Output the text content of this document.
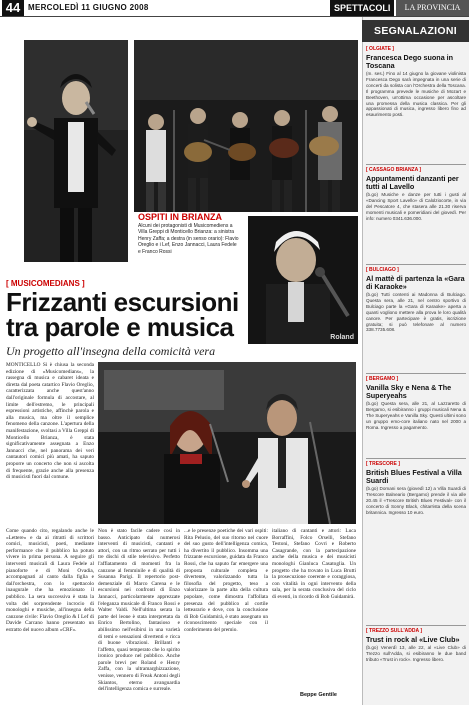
44 MERCOLEDÌ 11 GIUGNO 2008	SPETTACOLI	LA PROVINCIA
OSPITI IN BRIANZA
Alcuni dei protagonisti di Musicomediens a Villa Greppi di Monticello Brianza: a sinistra Henry Zaffa; a destra (in senso orario): Flavio Oreglio e i Lef, Enzo Jannacci, Laura Fedele e Franco Rossi
Roland
[ MUSICOMEDIANS ]
Frizzanti escursioni
tra parole e musica
Un progetto all'insegna della comicità vera
MONTICELLO Si è chiusa la seconda edizione di «Musicomedians», la rassegna di musica e cabaret ideata e diretta dal poeta catartico Flavio Oreglio, caratterizzata anche quest'anno dall'originale formula di accostare, al limite dell'estremo, le principali espressioni artistiche, affinchè parola e alla musica, ma oltre il semplice fenomeno della canzone. L'apertura della manifestazione, svoltasi a Villa Greppi di Monticello Brianza, è stata significativamente assegnata a Enzo Jannacci che, nel panorama dei veri cantautori comici più amati, ha saputo proporre un concerto che non si ascolta di frequente, grazie anche alla presenza di musicisti fuori dal comune.
Come quando cito, regalando anche le «Lettere» e da ai ritratti di scrittori comici, musicisti, poeti, mediante performance che il pubblico ha potuto vivere in prima persona. A seguire gli interventi musicali di Laura Fedele al pianoforte e di Moni Ovadia, accompagnati al canto dalla figlia e dall'orchestra, con lo spettacolo inaugurale che ha emozionato il pubblico. La sera successiva è stata la volta del sorprendente incrocio di monologhi e musiche, all'insegna della canzone civile: Flavio Oreglio & I Lef di Davide Carcano hanno presentato un estratto del nuovo album «CRF».
Non è stato facile cadere così in basso. Anticipato dai numerosi interventi di musicisti, cantanti e attori, con un ritmo serrato per tutti i tre dischi di stile televisivo. Perfetto l'affiatamento di momenti fra la canzone al femminile e di qualità di Susanna Parigi. Il repertorio post-demenziale di Marco Carena e le escursioni nei confronti di Enzo Jannacci, particolarmente apprezzate l'eleganza musicale di Franco Rossi e Walter Valdi. Nell'ultima serata la parte del leone è stata interpretata da Enrico Bertolino, fantasioso e abilissimo nell'esibirsi in una varietà di temi e sensazioni divertenti e ricca di buone vibrazioni. Brillanti e l'affetto, quasi temperato che lo spirito ironico produce nel pubblico. Anche parole brevi per Roland e Henry Zaffa, con la ultramarghizzazione, venisse, vennero di Freak Antoni degli Skiantos, eterno avanguardia dell'intelligenza comica e surreale.
...e le presenze poetiche dei vari ospiti: Rita Pelusio, del suo ritorno nel cuore del suo gusto dell'intelligenza comica, ha divertito il pubblico. Insomma una frizzante escursione, guidata da Franco Rossi, che ha saputo far emergere una proposta culturale completa e divertente, valorizzando tutta la filosofia del progetto, teso a valorizzare la parte alta della cultura popolare, come dimostra l'affollata presenza del pubblico al cortile lettearario e dove, con la conclusione di Bob Guidamirà, è stato assegnato un riconoscimento speciale con il conferimento del premio.
italiano di cantanti e attori: Luca Borraffini, Folco Orselli, Stefano Testoni, Stefano Covri e Roberto Casagrande, con la partecipazione anche della musica e dei musicisti monologhi Gianluca Casatoglia. Un progetto che ha trovato in Luca Brutti la prosecuzione coerente e coraggiosa, con vitalità in ogni intervento della sala, per la serata conclusiva del ciclo di eventi, in ricordo di Bob Guidamirà.
Beppe Gentile
SEGNALAZIONI
[ OLGIATE ]
Francesca Dego suona in Toscana
(m. ses.) Fino al 14 giugno la giovane violinista Francesca Dego sarà impegnata in una serie di concerti da solista con l'Orchestra della Toscana. Il programma prevede le musiche di Mozart e Beethoven, un'ottima occasione per ascoltare una promessa della musica classica. Per gli appassionati di musica, ingresso libero fino ad esaurimento posti.
[ CASSAGO BRIANZA ]
Appuntamenti danzanti per tutti al Lavello
(b.go) Musiche e danze per tutti i gusti al «Dancing Sport Lavello» di Calolziocorte, in via del Pescatore 4, che stasera alle 21.30 riserva momenti musicali e pomeridiani del giovedì. Per info: numero 0341.636.000.
[ BULCIAGO ]
Al mattè di partenza la «Gara di Karaoke»
(b.go) Tutti contenti ai Madonna di Bulciago. Questa sera, alle 21, nel centro sportivo di Bulciago parte la «Gara di Karaoke» aperta a quanti vogliono mettere alla prova le loro qualità canore. Per partecipare è gratis, iscrizione gratuita; si può telefonare al numero 338.7735.608.
[ BERGAMO ]
Vanilla Sky e Nena & The Superyeahs
(b.go) Questa sera, alle 21, al Lazzaretto di Bergamo, si esibiranno i gruppi musicali Nena & The Superyeahs e Vanilla Sky. Questi ultimi sono un gruppo emo-core italiano nato nel 2000 a Roma. Ingresso a pagamento.
[ TRESCORE ]
British Blues Festival a Villa Suardi
(b.go) Domani sera (giovedì 12) a Villa Suardi di Trescore Balneario (Bergamo) prende il via alle 20.45 il «Trescore British Blues Festival» con il concerto di Sonny Black, chitarrista della scena britannica. Ingresso 10 euro.
[ TREZZO SULL'ADDA ]
Trust in rock al «Live Club»
(b.go) Venerdì 13, alle 22, al «Live Club» di Trezzo sull'Adda, si esibiranno le due band tributo «Trust in rock». Ingresso libero.
